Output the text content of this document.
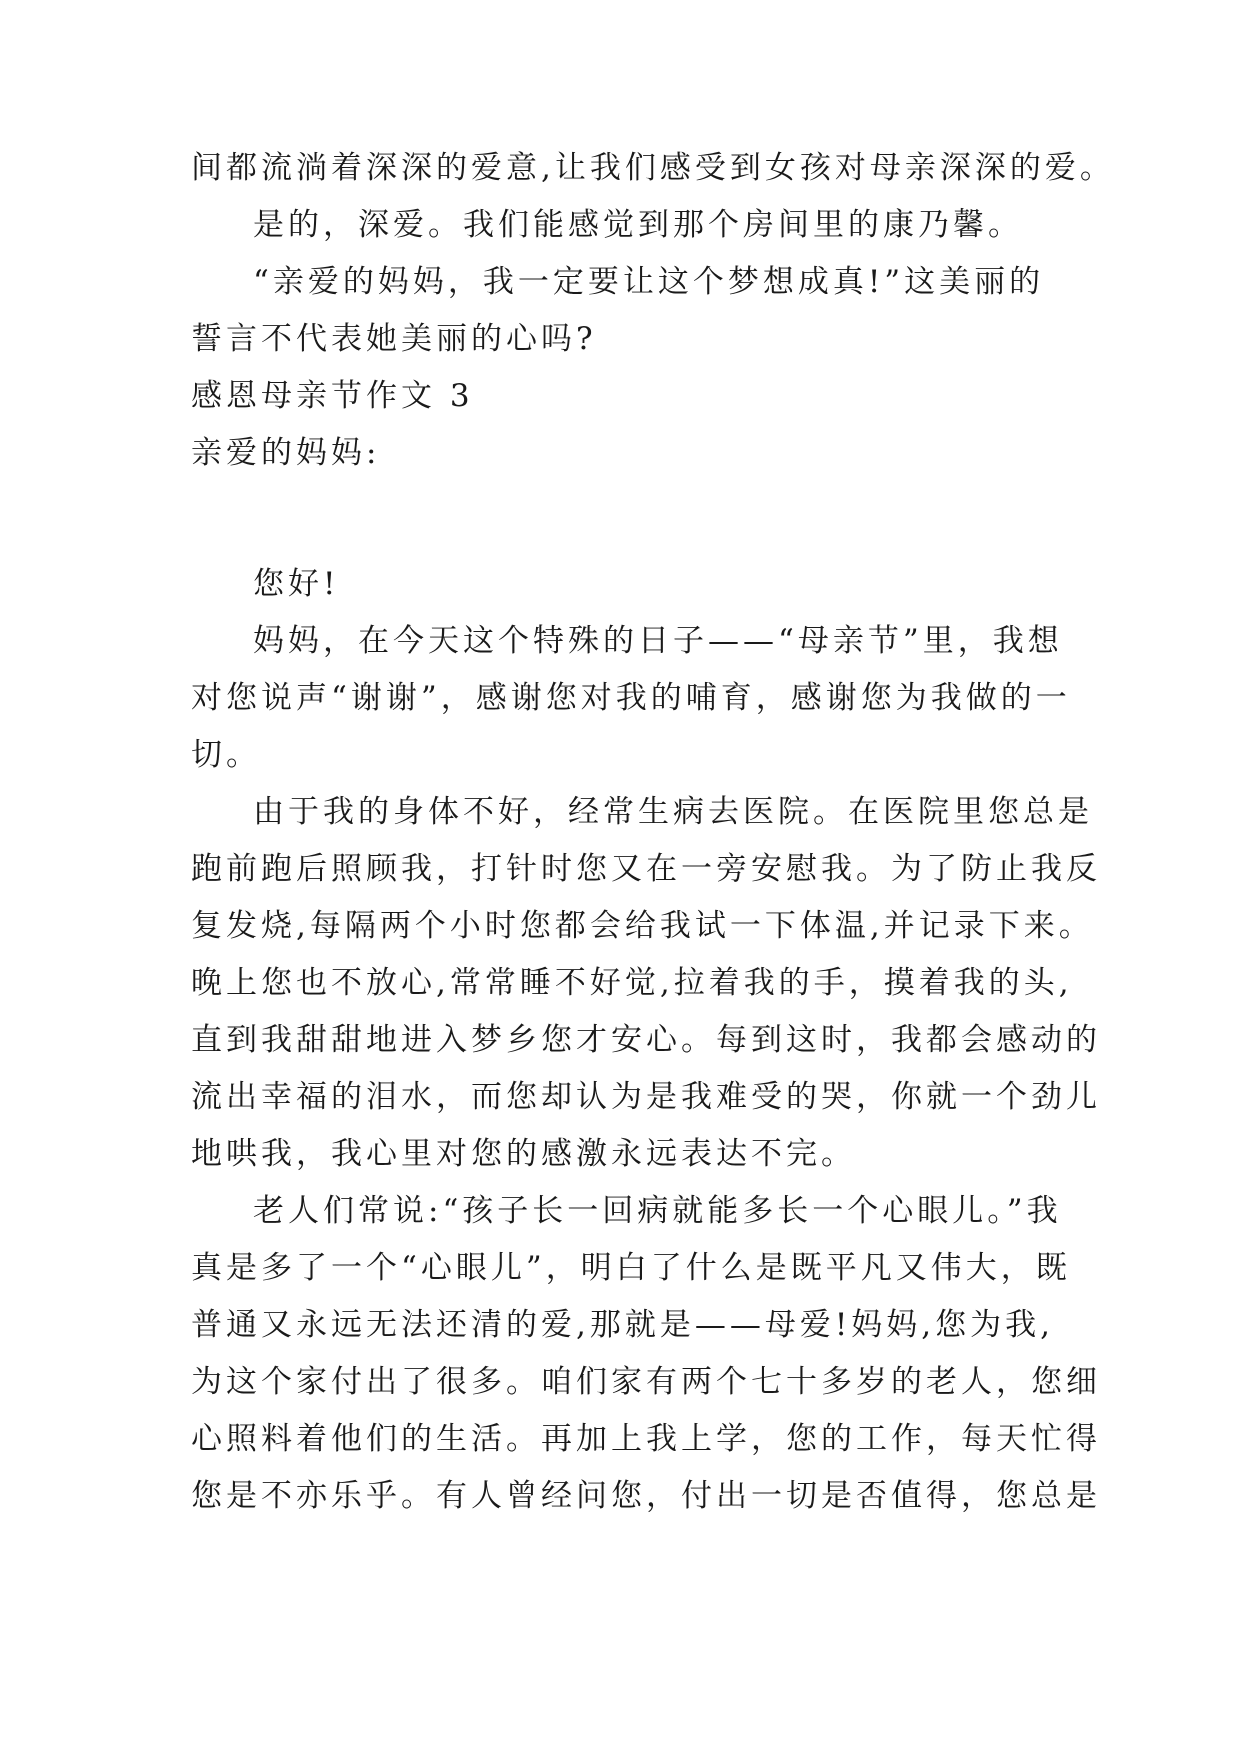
间都流淌着深深的爱意,让我们感受到女孩对母亲深深的爱。
是的，深爱。我们能感觉到那个房间里的康乃馨。
“亲爱的妈妈，我一定要让这个梦想成真!”这美丽的
誓言不代表她美丽的心吗?
感恩母亲节作文 3
亲爱的妈妈:
您好!
妈妈，在今天这个特殊的日子——“母亲节”里，我想
对您说声“谢谢”，感谢您对我的哺育，感谢您为我做的一
切。
由于我的身体不好，经常生病去医院。在医院里您总是
跑前跑后照顾我，打针时您又在一旁安慰我。为了防止我反
复发烧,每隔两个小时您都会给我试一下体温,并记录下来。
晚上您也不放心,常常睡不好觉,拉着我的手，摸着我的头,
直到我甜甜地进入梦乡您才安心。每到这时，我都会感动的
流出幸福的泪水，而您却认为是我难受的哭，你就一个劲儿
地哄我，我心里对您的感激永远表达不完。
老人们常说:“孩子长一回病就能多长一个心眼儿。”我
真是多了一个“心眼儿”，明白了什么是既平凡又伟大，既
普通又永远无法还清的爱,那就是——母爱!妈妈,您为我,
为这个家付出了很多。咱们家有两个七十多岁的老人，您细
心照料着他们的生活。再加上我上学，您的工作，每天忙得
您是不亦乐乎。有人曾经问您，付出一切是否值得，您总是
